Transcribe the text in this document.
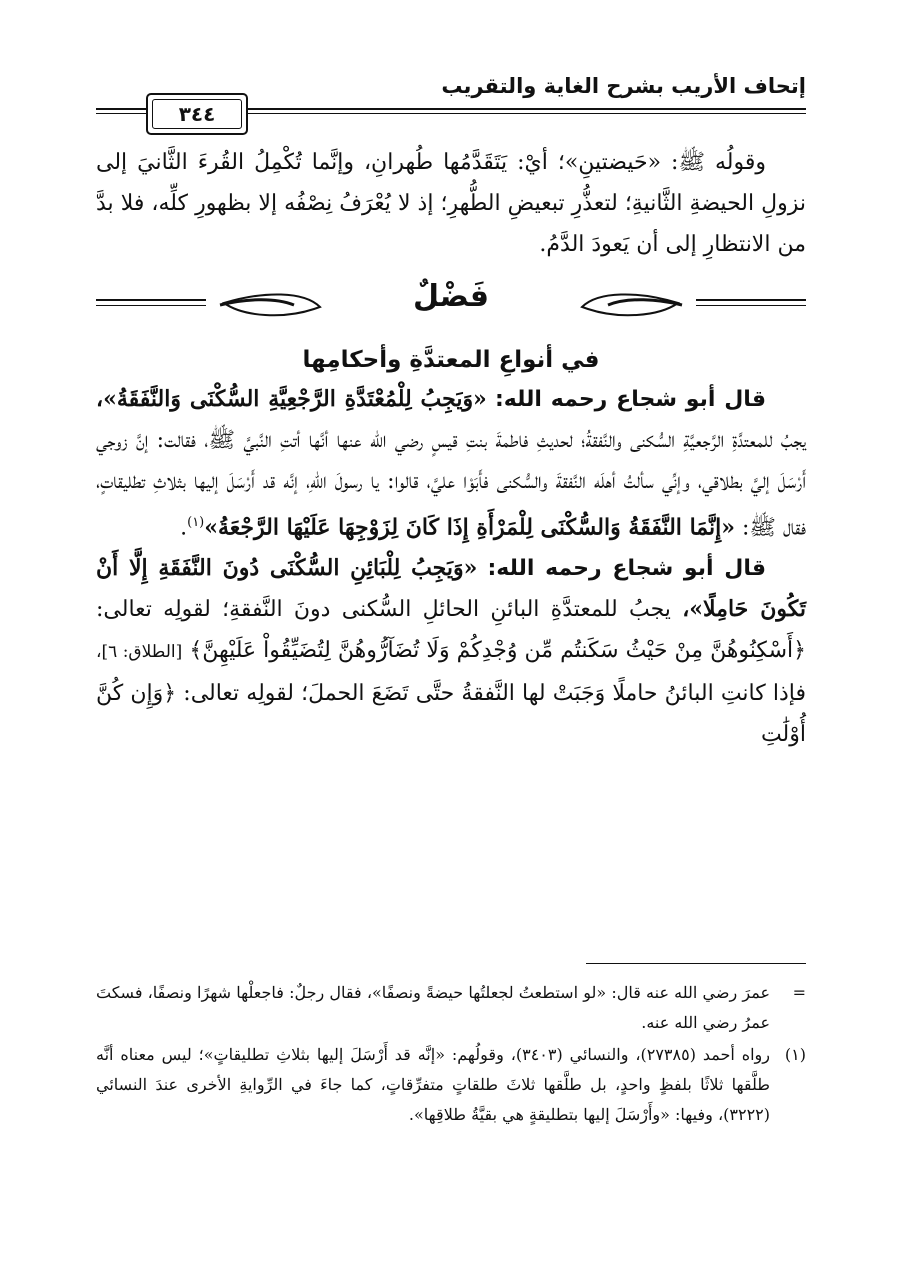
إتحاف الأريب بشرح الغاية والتقريب
٣٤٤

وقولُه ﷺ: «حَيضتينِ»؛ أيْ: يَتَقَدَّمُها طُهرانِ، وإنَّما تُكْمِلُ القُرءَ الثَّانيَ إلى نزولِ الحيضةِ الثَّانيةِ؛ لتعذُّرِ تبعيضِ الطُّهرِ؛ إذ لا يُعْرَفُ نِصْفُه إلا بظهورِ كلِّه، فلا بدَّ من الانتظارِ إلى أن يَعودَ الدَّمُ.

فَضْلٌ
في أنواعِ المعتدَّةِ وأحكامِها

قال أبو شجاع رحمه الله: «وَيَجِبُ لِلْمُعْتَدَّةِ الرَّجْعِيَّةِ السُّكْنَى وَالنَّفَقَةُ»، يجبُ للمعتدَّةِ الرَّجعيَّةِ السُّكنى والنَّفقةُ؛ لحديثِ فاطمةَ بنتِ قيسٍ رضي الله عنها أنَّها أتتِ النَّبيَّ ﷺ، فقالت: إنَّ زوجي أَرْسَلَ إليَّ بطلاقي، وإنِّي سألتُ أهلَه النَّفقةَ والسُّكنى فأَبَوْا عليَّ، قالوا: يا رسولَ اللهِ، إنَّه قد أَرْسَلَ إليها بثلاثِ تطليقاتٍ، فقال ﷺ: «إِنَّمَا النَّفَقَةُ وَالسُّكْنَى لِلْمَرْأَةِ إِذَا كَانَ لِزَوْجِهَا عَلَيْهَا الرَّجْعَةُ»$^{(١)}$.

قال أبو شجاع رحمه الله: «وَيَجِبُ لِلْبَائِنِ السُّكْنَى دُونَ النَّفَقَةِ إِلَّا أَنْ تَكُونَ حَامِلًا»، يجبُ للمعتدَّةِ البائنِ الحائلِ السُّكنى دونَ النَّفقةِ؛ لقولِه تعالى: ﴿أَسْكِنُوهُنَّ مِنْ حَيْثُ سَكَنتُم مِّن وُجْدِكُمْ وَلَا تُضَآرُّوهُنَّ لِتُضَيِّقُواْ عَلَيْهِنَّ﴾ [الطلاق: ٦]، فإذا كانتِ البائنُ حاملًا وَجَبَتْ لها النَّفقةُ حتَّى تَضَعَ الحملَ؛ لقولِه تعالى: ﴿وَإِن كُنَّ أُوْلَٰتِ

=
عمرَ رضي الله عنه قال: «لو استطعتُ لجعلتُها حيضةً ونصفًا»، فقال رجلٌ: فاجعلْها شهرًا ونصفًا، فسكتَ عمرُ رضي الله عنه.
(١)
رواه أحمد (٢٧٣٨٥)، والنسائي (٣٤٠٣)، وقولُهم: «إنَّه قد أَرْسَلَ إليها بثلاثِ تطليقاتٍ»؛ ليس معناه أنَّه طلَّقها ثلاثًا بلفظٍ واحدٍ، بل طلَّقها ثلاثَ طلقاتٍ متفرِّقاتٍ، كما جاءَ في الرِّوايةِ الأخرى عندَ النسائي (٣٢٢٢)، وفيها: «وأَرْسَلَ إليها بتطليقةٍ هي بقيَّةُ طلاقِها».
